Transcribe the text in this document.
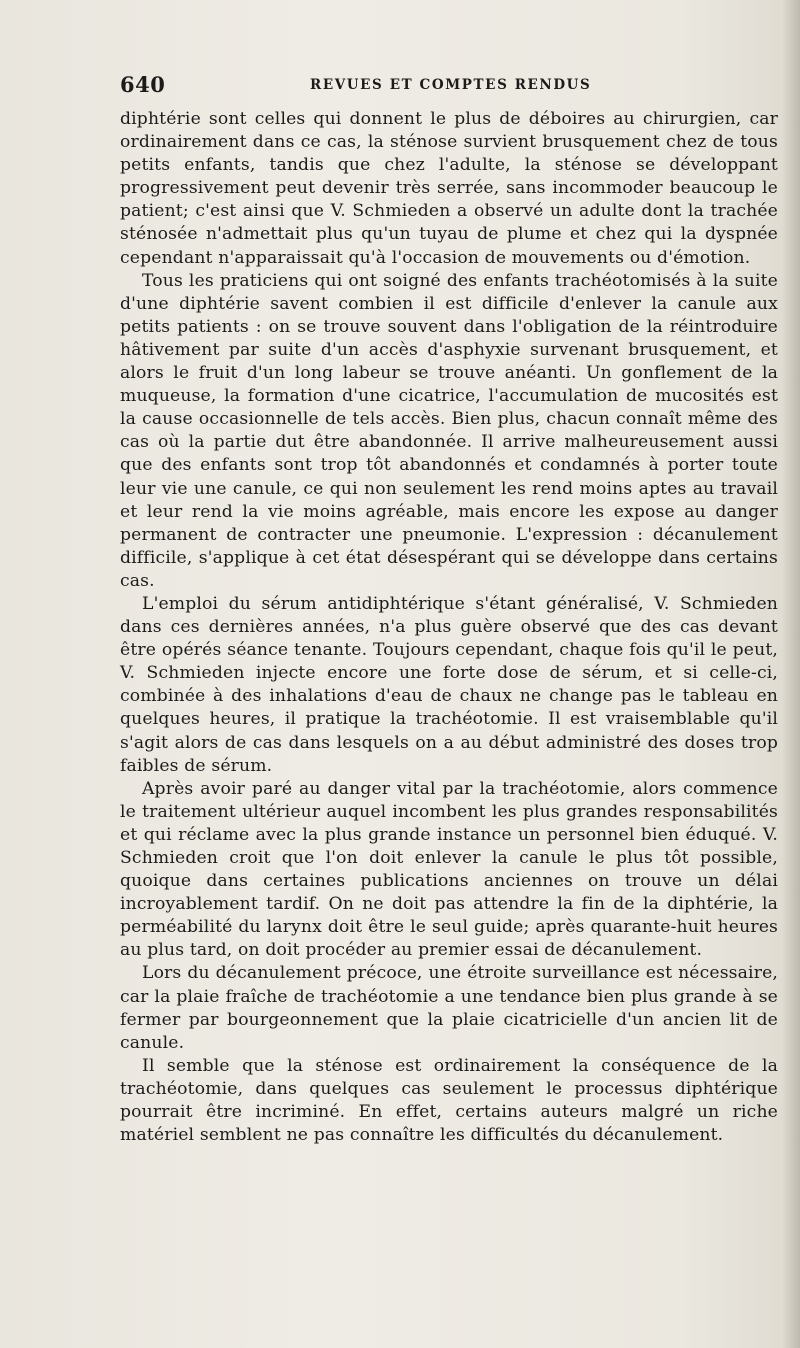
640	REVUES ET COMPTES RENDUS

diphtérie sont celles qui donnent le plus de déboires au chirurgien, car ordinairement dans ce cas, la sténose survient brusquement chez de tous petits enfants, tandis que chez l'adulte, la sténose se développant progressivement peut devenir très serrée, sans incommoder beaucoup le patient; c'est ainsi que V. Schmieden a observé un adulte dont la trachée sténosée n'admettait plus qu'un tuyau de plume et chez qui la dyspnée cependant n'apparaissait qu'à l'occasion de mouvements ou d'émotion.

Tous les praticiens qui ont soigné des enfants trachéotomisés à la suite d'une diphtérie savent combien il est difficile d'enlever la canule aux petits patients : on se trouve souvent dans l'obligation de la réintroduire hâtivement par suite d'un accès d'asphyxie survenant brusquement, et alors le fruit d'un long labeur se trouve anéanti. Un gonflement de la muqueuse, la formation d'une cicatrice, l'accumulation de mucosités est la cause occasionnelle de tels accès. Bien plus, chacun connaît même des cas où la partie dut être abandonnée. Il arrive malheureusement aussi que des enfants sont trop tôt abandonnés et condamnés à porter toute leur vie une canule, ce qui non seulement les rend moins aptes au travail et leur rend la vie moins agréable, mais encore les expose au danger permanent de contracter une pneumonie. L'expression : décanulement difficile, s'applique à cet état désespérant qui se développe dans certains cas.

L'emploi du sérum antidiphtérique s'étant généralisé, V. Schmieden dans ces dernières années, n'a plus guère observé que des cas devant être opérés séance tenante. Toujours cependant, chaque fois qu'il le peut, V. Schmieden injecte encore une forte dose de sérum, et si celle-ci, combinée à des inhalations d'eau de chaux ne change pas le tableau en quelques heures, il pratique la trachéotomie. Il est vraisemblable qu'il s'agit alors de cas dans lesquels on a au début administré des doses trop faibles de sérum.

Après avoir paré au danger vital par la trachéotomie, alors commence le traitement ultérieur auquel incombent les plus grandes responsabilités et qui réclame avec la plus grande instance un personnel bien éduqué. V. Schmieden croit que l'on doit enlever la canule le plus tôt possible, quoique dans certaines publications anciennes on trouve un délai incroyablement tardif. On ne doit pas attendre la fin de la diphtérie, la perméabilité du larynx doit être le seul guide; après quarante-huit heures au plus tard, on doit procéder au premier essai de décanulement.

Lors du décanulement précoce, une étroite surveillance est nécessaire, car la plaie fraîche de trachéotomie a une tendance bien plus grande à se fermer par bourgeonnement que la plaie cicatricielle d'un ancien lit de canule.

Il semble que la sténose est ordinairement la conséquence de la trachéotomie, dans quelques cas seulement le processus diphtérique pourrait être incriminé. En effet, certains auteurs malgré un riche matériel semblent ne pas connaître les difficultés du décanulement.
